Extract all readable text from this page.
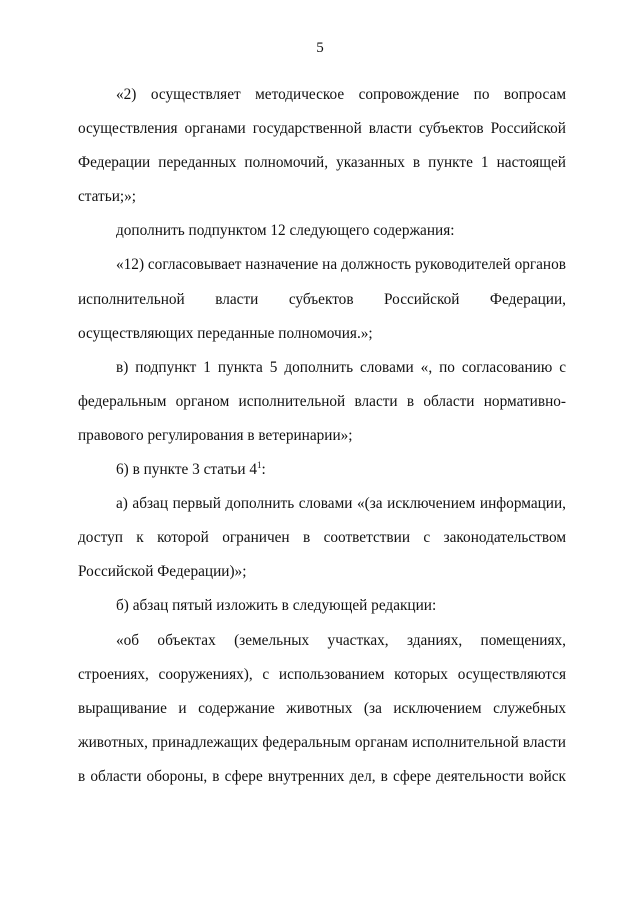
5

«2) осуществляет методическое сопровождение по вопросам осуществления органами государственной власти субъектов Российской Федерации переданных полномочий, указанных в пункте 1 настоящей статьи;»;

дополнить подпунктом 12 следующего содержания:

«12) согласовывает назначение на должность руководителей органов исполнительной власти субъектов Российской Федерации, осуществляющих переданные полномочия.»;

в) подпункт 1 пункта 5 дополнить словами «, по согласованию с федеральным органом исполнительной власти в области нормативно-правового регулирования в ветеринарии»;

6) в пункте 3 статьи $4^1$:

а) абзац первый дополнить словами «(за исключением информации, доступ к которой ограничен в соответствии с законодательством Российской Федерации)»;

б) абзац пятый изложить в следующей редакции:

«об объектах (земельных участках, зданиях, помещениях, строениях, сооружениях), с использованием которых осуществляются выращивание и содержание животных (за исключением служебных животных, принадлежащих федеральным органам исполнительной власти в области обороны, в сфере внутренних дел, в сфере деятельности войск
